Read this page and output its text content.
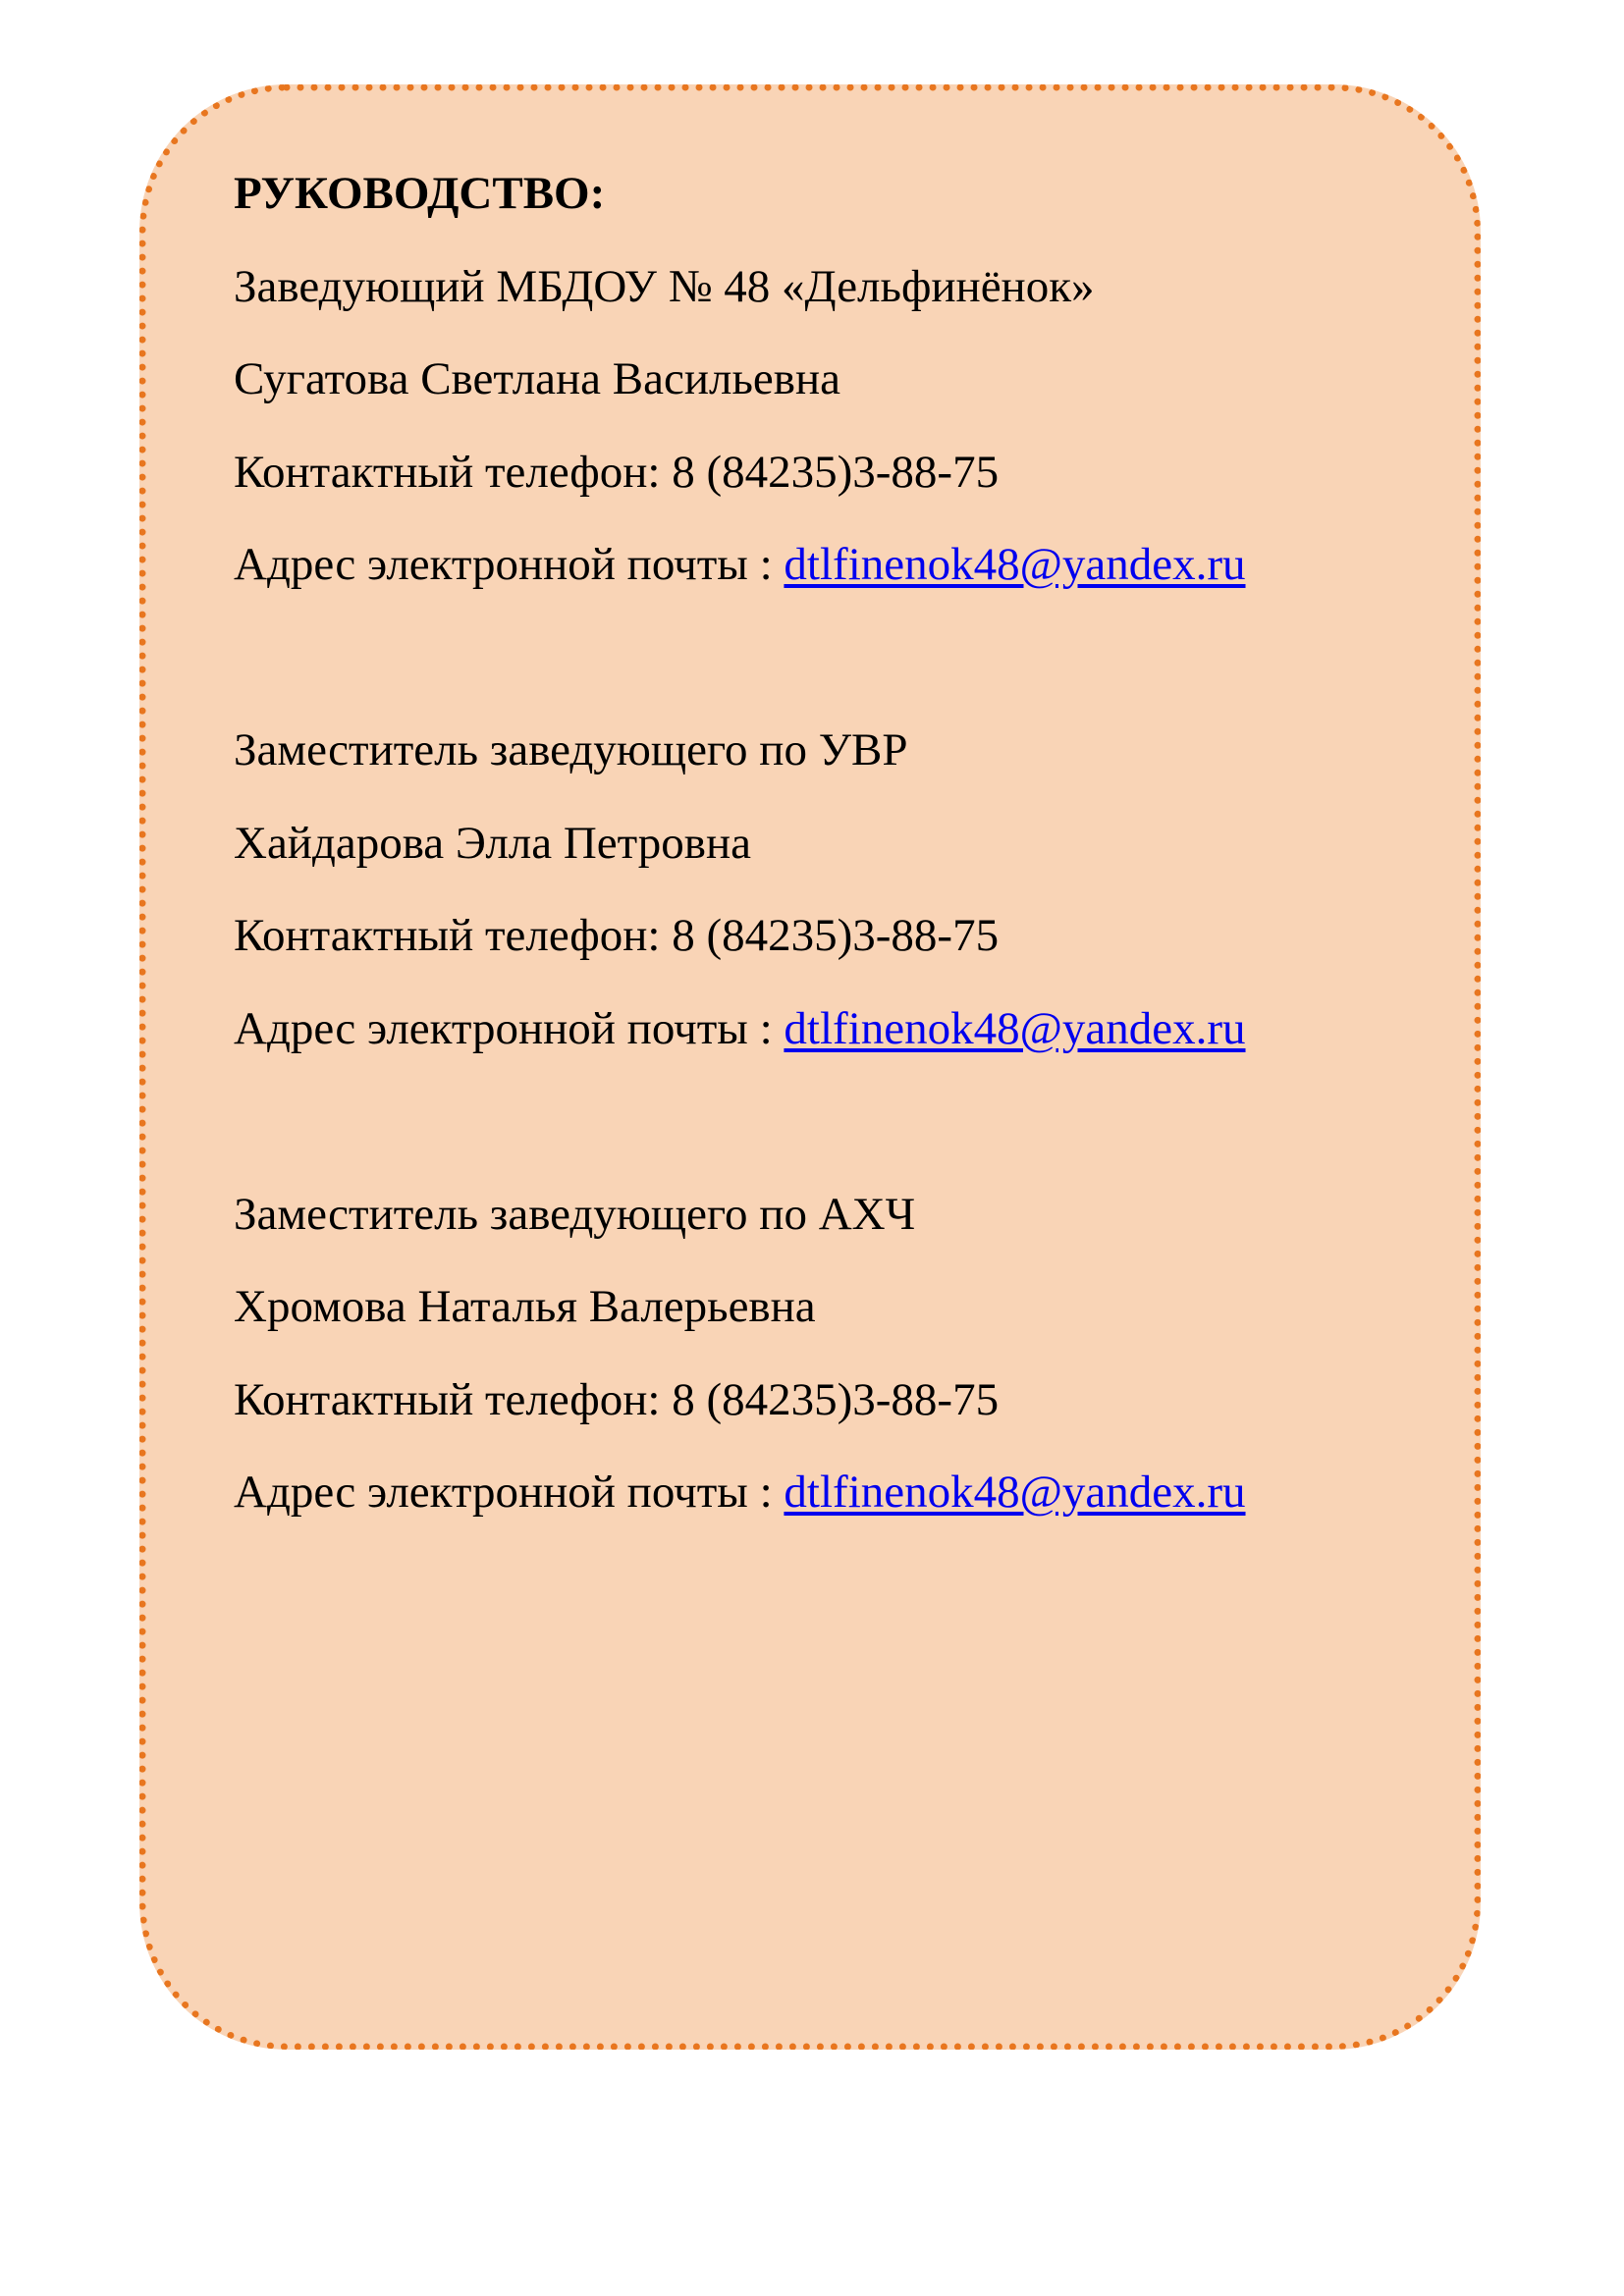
РУКОВОДСТВО:
Заведующий МБДОУ № 48 «Дельфинёнок»
Сугатова Светлана Васильевна
Контактный телефон: 8 (84235)3-88-75
Адрес электронной почты : dtlfinenok48@yandex.ru
Заместитель заведующего по УВР
Хайдарова Элла Петровна
Контактный телефон: 8 (84235)3-88-75
Адрес электронной почты : dtlfinenok48@yandex.ru
Заместитель заведующего по АХЧ
Хромова Наталья Валерьевна
Контактный телефон: 8 (84235)3-88-75
Адрес электронной почты : dtlfinenok48@yandex.ru
